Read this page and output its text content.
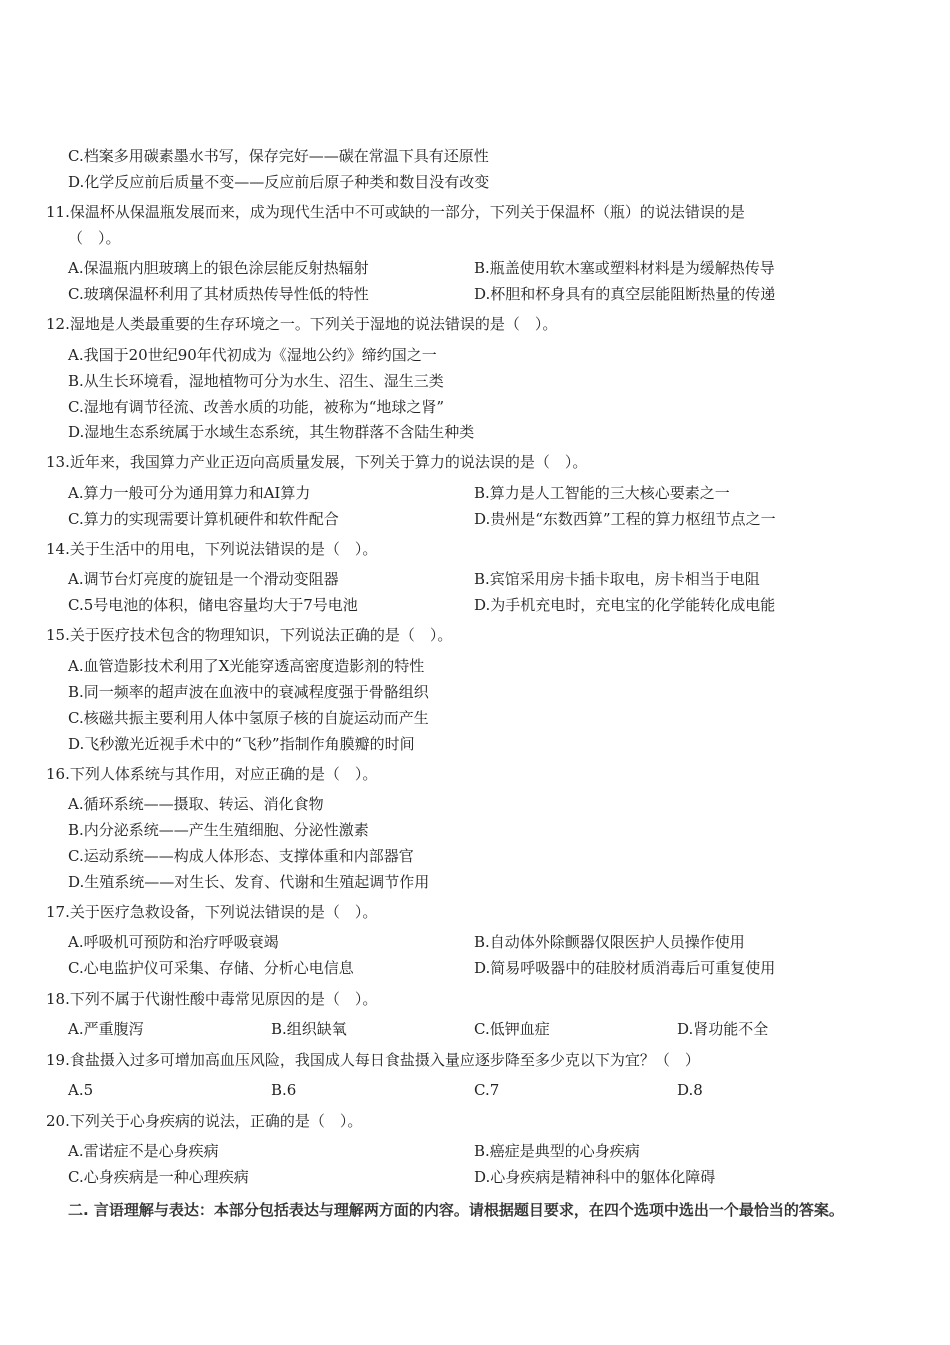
C.档案多用碳素墨水书写，保存完好——碳在常温下具有还原性
D.化学反应前后质量不变——反应前后原子种类和数目没有改变
11.保温杯从保温瓶发展而来，成为现代生活中不可或缺的一部分，下列关于保温杯（瓶）的说法错误的是
（　）。
A.保温瓶内胆玻璃上的银色涂层能反射热辐射	B.瓶盖使用软木塞或塑料材料是为缓解热传导
C.玻璃保温杯利用了其材质热传导性低的特性	D.杯胆和杯身具有的真空层能阻断热量的传递
12.湿地是人类最重要的生存环境之一。下列关于湿地的说法错误的是（　）。
A.我国于20世纪90年代初成为《湿地公约》缔约国之一
B.从生长环境看，湿地植物可分为水生、沼生、湿生三类
C.湿地有调节径流、改善水质的功能，被称为“地球之肾”
D.湿地生态系统属于水域生态系统，其生物群落不含陆生种类
13.近年来，我国算力产业正迈向高质量发展，下列关于算力的说法误的是（　）。
A.算力一般可分为通用算力和AI算力	B.算力是人工智能的三大核心要素之一
C.算力的实现需要计算机硬件和软件配合	D.贵州是“东数西算”工程的算力枢纽节点之一
14.关于生活中的用电，下列说法错误的是（　）。
A.调节台灯亮度的旋钮是一个滑动变阻器	B.宾馆采用房卡插卡取电，房卡相当于电阻
C.5号电池的体积，储电容量均大于7号电池	D.为手机充电时，充电宝的化学能转化成电能
15.关于医疗技术包含的物理知识，下列说法正确的是（　）。
A.血管造影技术利用了X光能穿透高密度造影剂的特性
B.同一频率的超声波在血液中的衰减程度强于骨骼组织
C.核磁共振主要利用人体中氢原子核的自旋运动而产生
D.飞秒激光近视手术中的“飞秒”指制作角膜瓣的时间
16.下列人体系统与其作用，对应正确的是（　）。
A.循环系统——摄取、转运、消化食物
B.内分泌系统——产生生殖细胞、分泌性激素
C.运动系统——构成人体形态、支撑体重和内部器官
D.生殖系统——对生长、发育、代谢和生殖起调节作用
17.关于医疗急救设备，下列说法错误的是（　）。
A.呼吸机可预防和治疗呼吸衰竭	B.自动体外除颤器仅限医护人员操作使用
C.心电监护仪可采集、存储、分析心电信息	D.简易呼吸器中的硅胶材质消毒后可重复使用
18.下列不属于代谢性酸中毒常见原因的是（　）。
A.严重腹泻	B.组织缺氧	C.低钾血症	D.肾功能不全
19.食盐摄入过多可增加高血压风险，我国成人每日食盐摄入量应逐步降至多少克以下为宜？（　）
A.5	B.6	C.7	D.8
20.下列关于心身疾病的说法，正确的是（　）。
A.雷诺症不是心身疾病	B.癌症是典型的心身疾病
C.心身疾病是一种心理疾病	D.心身疾病是精神科中的躯体化障碍
二. 言语理解与表达：本部分包括表达与理解两方面的内容。请根据题目要求，在四个选项中选出一个最恰当的答案。
